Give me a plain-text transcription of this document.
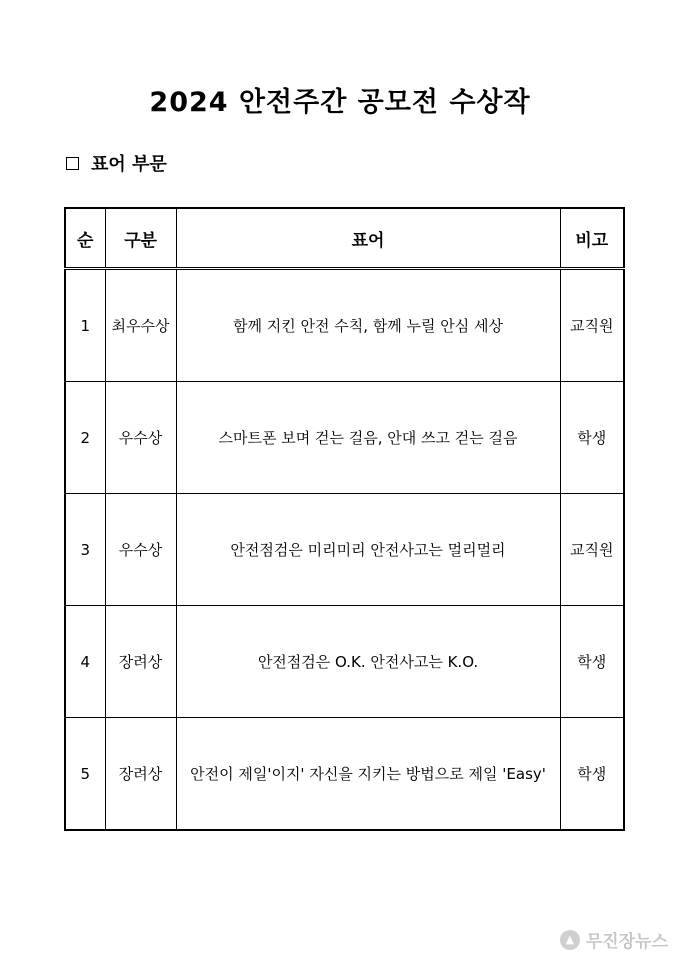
2024 안전주간 공모전 수상작
표어 부문
순	구분	표어	비고
1	최우수상	함께 지킨 안전 수칙, 함께 누릴 안심 세상	교직원
2	우수상	스마트폰 보며 걷는 걸음, 안대 쓰고 걷는 걸음	학생
3	우수상	안전점검은 미리미리 안전사고는 멀리멀리	교직원
4	장려상	안전점검은 O.K. 안전사고는 K.O.	학생
5	장려상	안전이 제일'이지' 자신을 지키는 방법으로 제일 'Easy'	학생
▲ 무진장뉴스
